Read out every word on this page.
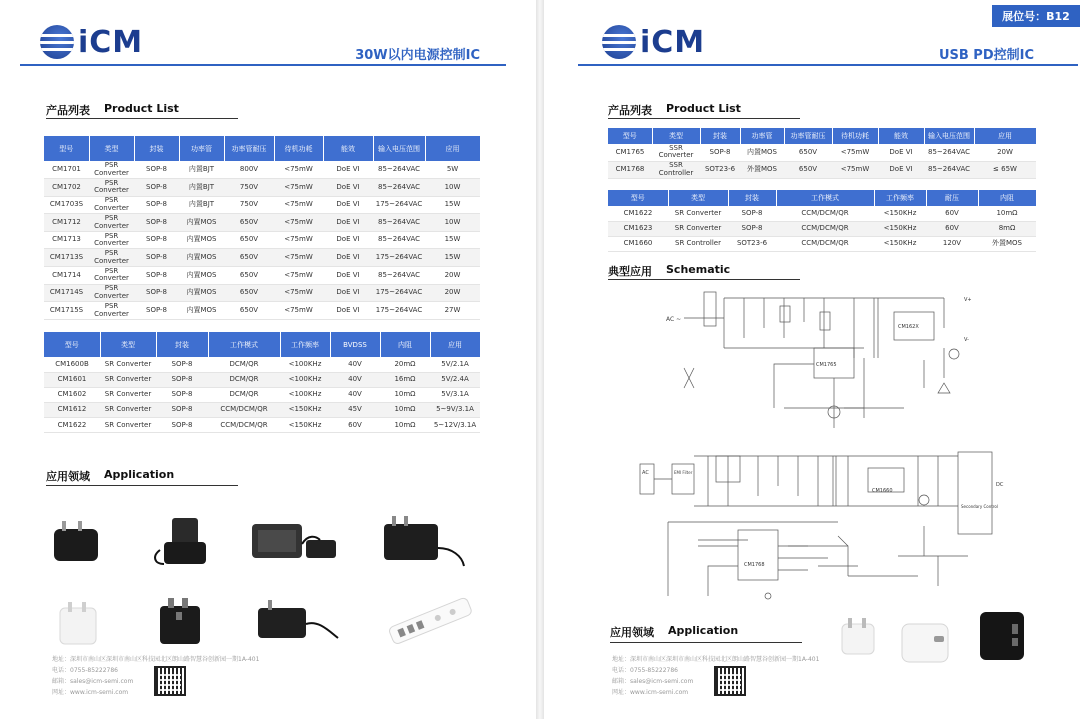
iCM	30W以内电源控制IC
产品列表 Product List
型号	类型	封装	功率管	功率管耐压	待机功耗	能效	输入电压范围	应用
CM1701	PSR Converter	SOP-8	内置BJT	800V	<75mW	DoE VI	85~264VAC	5W
CM1702	PSR Converter	SOP-8	内置BJT	750V	<75mW	DoE VI	85~264VAC	10W
CM1703S	PSR Converter	SOP-8	内置BJT	750V	<75mW	DoE VI	175~264VAC	15W
CM1712	PSR Converter	SOP-8	内置MOS	650V	<75mW	DoE VI	85~264VAC	10W
CM1713	PSR Converter	SOP-8	内置MOS	650V	<75mW	DoE VI	85~264VAC	15W
CM1713S	PSR Converter	SOP-8	内置MOS	650V	<75mW	DoE VI	175~264VAC	15W
CM1714	PSR Converter	SOP-8	内置MOS	650V	<75mW	DoE VI	85~264VAC	20W
CM1714S	PSR Converter	SOP-8	内置MOS	650V	<75mW	DoE VI	175~264VAC	20W
CM1715S	PSR Converter	SOP-8	内置MOS	650V	<75mW	DoE VI	175~264VAC	27W
型号	类型	封装	工作模式	工作频率	BVDSS	内阻	应用
CM1600B	SR Converter	SOP-8	DCM/QR	<100KHz	40V	20mΩ	5V/2.1A
CM1601	SR Converter	SOP-8	DCM/QR	<100KHz	40V	16mΩ	5V/2.4A
CM1602	SR Converter	SOP-8	DCM/QR	<100KHz	40V	10mΩ	5V/3.1A
CM1612	SR Converter	SOP-8	CCM/DCM/QR	<150KHz	45V	10mΩ	5~9V/3.1A
CM1622	SR Converter	SOP-8	CCM/DCM/QR	<150KHz	60V	10mΩ	5~12V/3.1A
应用领域 Application
地址：深圳市南山区深圳市南山区科技园北区朗山路智慧谷创新园一期1A-401
电话：0755-85222786
邮箱：sales@icm-semi.com
网址：www.icm-semi.com
展位号：B12
iCM	USB PD控制IC
产品列表 Product List
型号	类型	封装	功率管	功率管耐压	待机功耗	能效	输入电压范围	应用
CM1765	SSR Converter	SOP-8	内置MOS	650V	<75mW	DoE VI	85~264VAC	20W
CM1768	SSR Controller	SOT23-6	外置MOS	650V	<75mW	DoE VI	85~264VAC	≤ 65W
型号	类型	封装	工作模式	工作频率	耐压	内阻
CM1622	SR Converter	SOP-8	CCM/DCM/QR	<150KHz	60V	10mΩ
CM1623	SR Converter	SOP-8	CCM/DCM/QR	<150KHz	60V	8mΩ
CM1660	SR Controller	SOT23-6	CCM/DCM/QR	<150KHz	120V	外置MOS
典型应用 Schematic
AC ~
CM1765
CM162X
V+
V-
AC	EMI Filter
CM1768
CM1660
Secondary Control
DC
应用领域 Application
地址：深圳市南山区深圳市南山区科技园北区朗山路智慧谷创新园一期1A-401
电话：0755-85222786
邮箱：sales@icm-semi.com
网址：www.icm-semi.com
